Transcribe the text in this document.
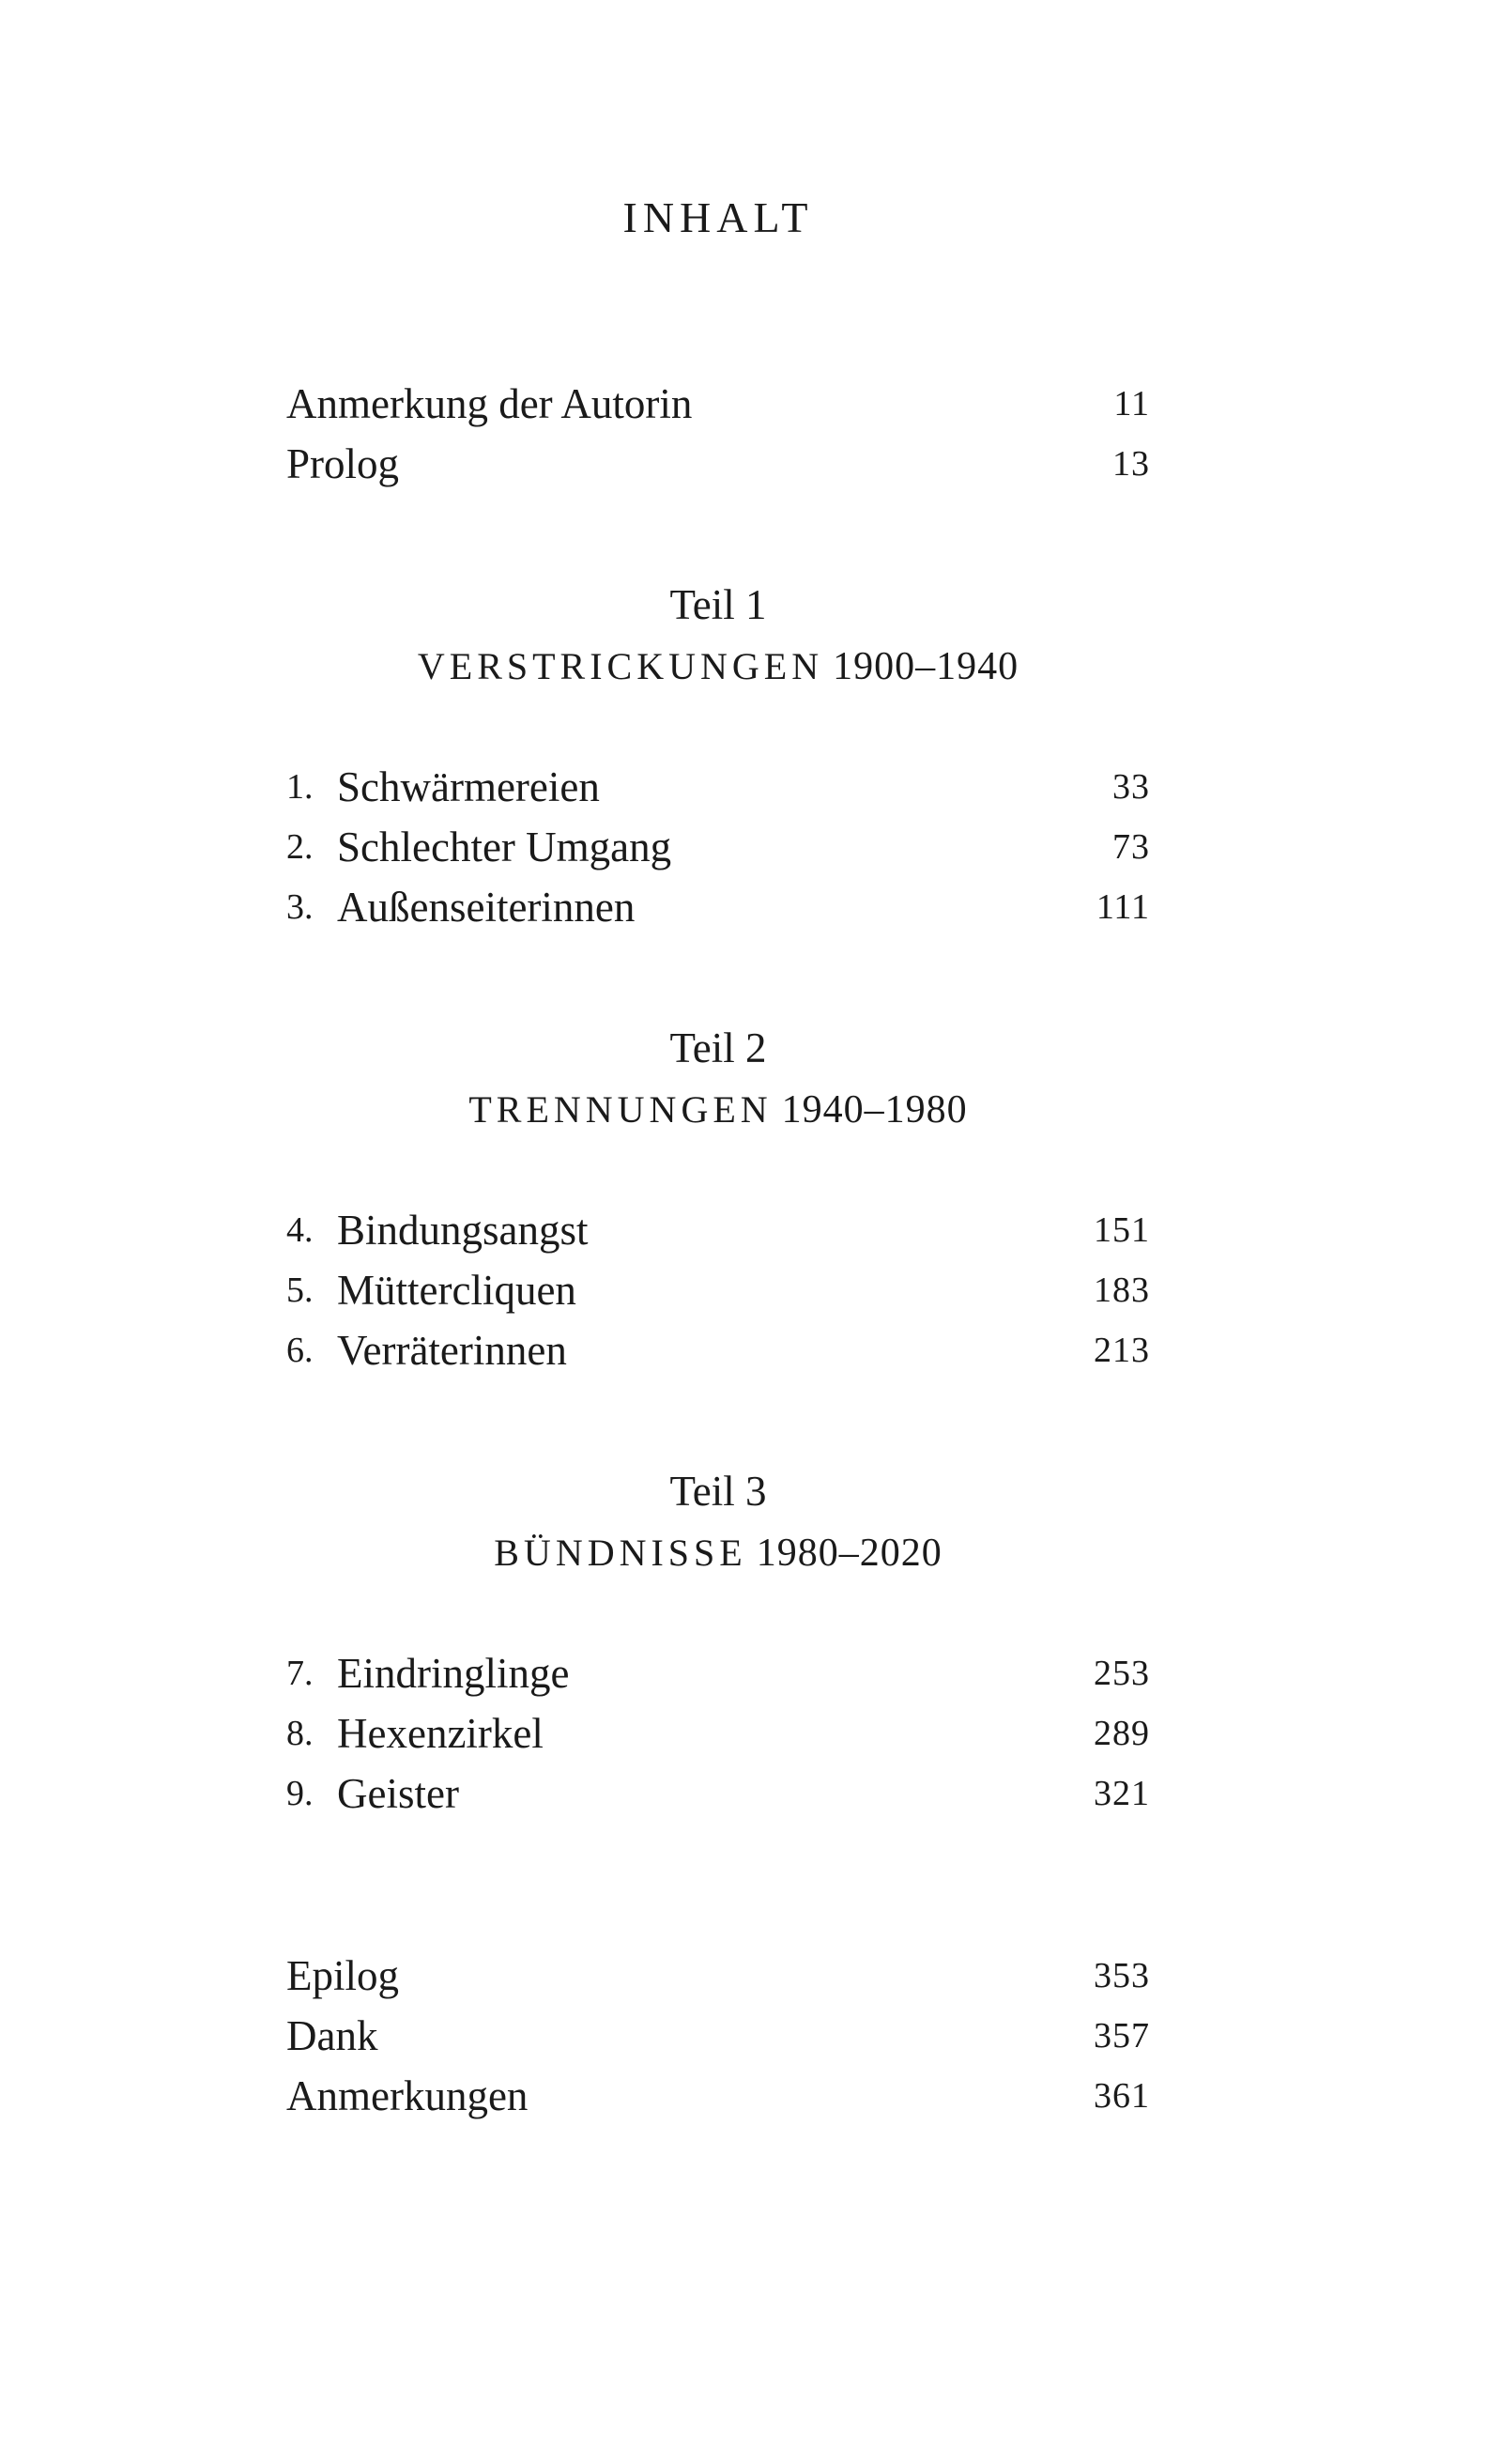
INHALT
Anmerkung der Autorin	11
Prolog	13
Teil 1
VERSTRICKUNGEN 1900–1940
1. Schwärmereien	33
2. Schlechter Umgang	73
3. Außenseiterinnen	111
Teil 2
TRENNUNGEN 1940–1980
4. Bindungsangst	151
5. Müttercliquen	183
6. Verräterinnen	213
Teil 3
BÜNDNISSE 1980–2020
7. Eindringlinge	253
8. Hexenzirkel	289
9. Geister	321
Epilog	353
Dank	357
Anmerkungen	361
